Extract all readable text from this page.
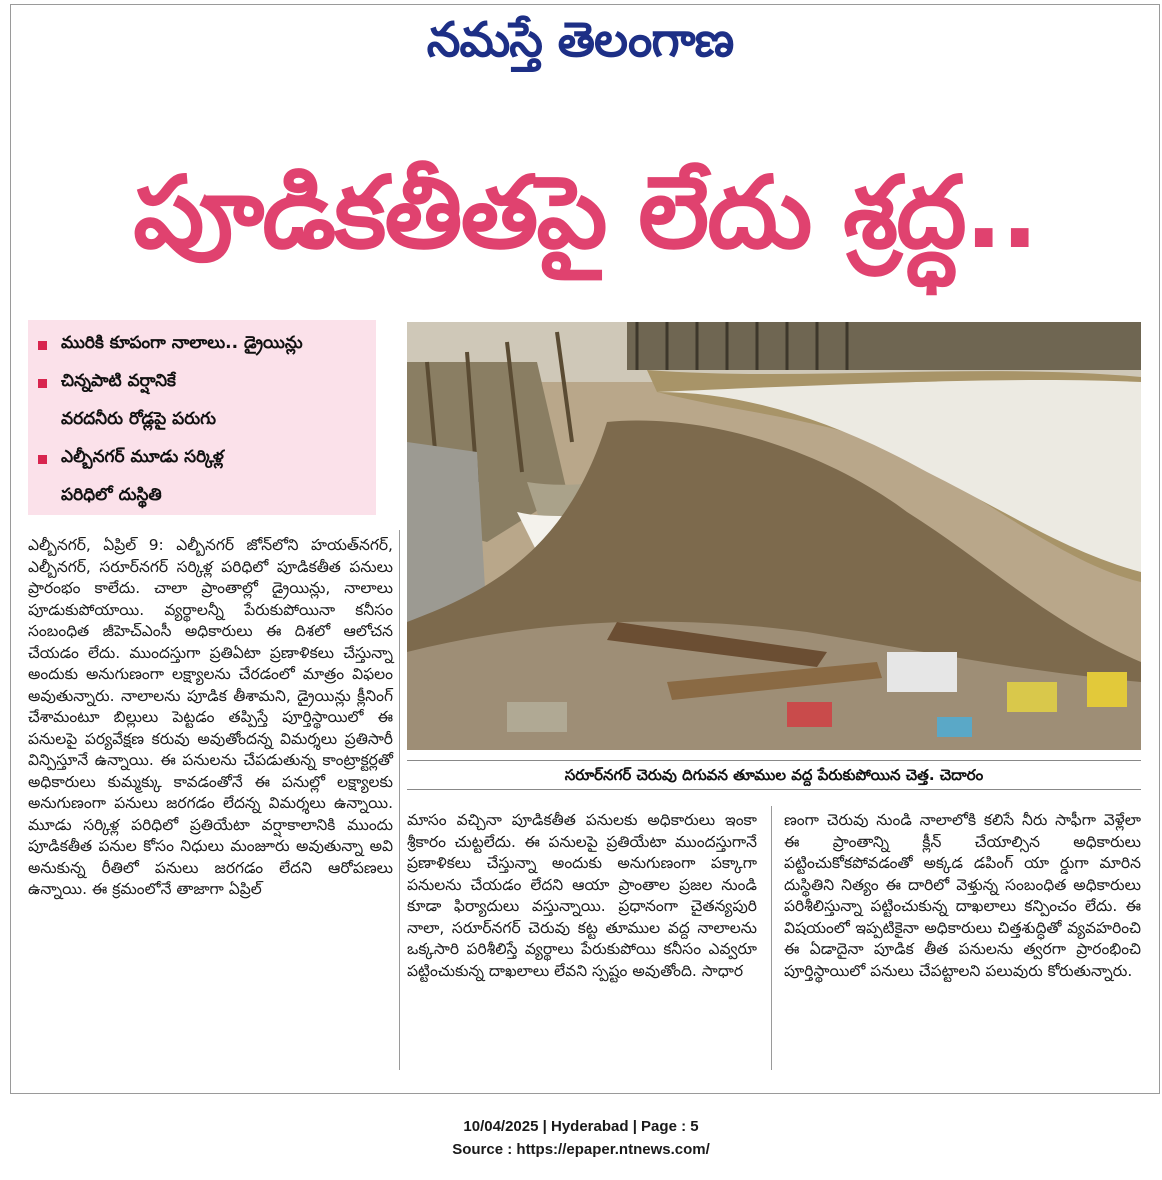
నమస్తే తెలంగాణ
పూడికతీతపై లేదు శ్రద్ధ..
మురికి కూపంగా నాలాలు.. డ్రైయిన్లు
చిన్నపాటి వర్షానికే
వరదనీరు రోడ్లపై పరుగు
ఎల్బీనగర్ మూడు సర్కిళ్ల
పరిధిలో దుస్థితి
సరూర్‌నగర్ చెరువు దిగువన తూముల వద్ద పేరుకుపోయిన చెత్త. చెదారం
ఎల్బీనగర్, ఏప్రిల్ 9: ఎల్బీనగర్ జోన్‌లోని హయత్‌నగర్, ఎల్బీనగర్, సరూర్‌నగర్ సర్కిళ్ల పరిధిలో పూడికతీత పనులు ప్రారంభం కాలేదు. చాలా ప్రాంతాల్లో డ్రైయిన్లు, నాలాలు పూడుకుపోయాయి. వ్యర్థాలన్నీ పేరుకుపోయినా కనీసం సంబంధిత జీహెచ్‌ఎంసీ అధికారులు ఈ దిశలో ఆలోచన చేయడం లేదు. ముందస్తుగా ప్రతిఏటా ప్రణాళికలు చేస్తున్నా అందుకు అనుగుణంగా లక్ష్యాలను చేరడంలో మాత్రం విఫలం అవుతున్నారు. నాలాలను పూడిక తీశామని, డ్రైయిన్లు క్లీనింగ్ చేశామంటూ బిల్లులు పెట్టడం తప్పిస్తే పూర్తిస్థాయిలో ఈ పనులపై పర్యవేక్షణ కరువు అవుతోందన్న విమర్శలు ప్రతిసారీ విన్పిస్తూనే ఉన్నాయి. ఈ పనులను చేపడుతున్న కాంట్రాక్టర్లతో అధికారులు కుమ్మక్కు కావడంతోనే ఈ పనుల్లో లక్ష్యాలకు అనుగుణంగా పనులు జరగడం లేదన్న విమర్శలు ఉన్నాయి. మూడు సర్కిళ్ల పరిధిలో ప్రతియేటా వర్షాకాలానికి ముందు పూడికతీత పనుల కోసం నిధులు మంజూరు అవుతున్నా అవి అనుకున్న రీతిలో పనులు జరగడం లేదని ఆరోపణలు ఉన్నాయి. ఈ క్రమంలోనే తాజాగా ఏప్రిల్
మాసం వచ్చినా పూడికతీత పనులకు అధికారులు ఇంకా శ్రీకారం చుట్టలేదు. ఈ పనులపై ప్రతియేటా ముందస్తుగానే ప్రణాళికలు చేస్తున్నా అందుకు అనుగుణంగా పక్కాగా పనులను చేయడం లేదని ఆయా ప్రాంతాల ప్రజల నుండి కూడా ఫిర్యాదులు వస్తున్నాయి. ప్రధానంగా చైతన్యపురి నాలా, సరూర్‌నగర్ చెరువు కట్ట తూముల వద్ద నాలాలను ఒక్కసారి పరిశీలిస్తే వ్యర్థాలు పేరుకుపోయి కనీసం ఎవ్వరూ పట్టించుకున్న దాఖలాలు లేవని స్పష్టం అవుతోంది. సాధార
ణంగా చెరువు నుండి నాలాలోకి కలిసే నీరు సాఫీగా వెళ్లేలా ఈ ప్రాంతాన్ని క్లీన్ చేయాల్సిన అధికారులు పట్టించుకోకపోవడంతో అక్కడ డపింగ్ యా ర్డుగా మారిన దుస్థితిని నిత్యం ఈ దారిలో వెళ్తున్న సంబంధిత అధికారులు పరిశీలిస్తున్నా పట్టించుకున్న దాఖలాలు కన్పించం లేదు. ఈ విషయంలో ఇప్పటికైనా అధికారులు చిత్తశుద్ధితో వ్యవహరించి ఈ ఏడాదైనా పూడిక తీత పనులను త్వరగా ప్రారంభించి పూర్తిస్థాయిలో పనులు చేపట్టాలని పలువురు కోరుతున్నారు.
10/04/2025 | Hyderabad | Page : 5
Source : https://epaper.ntnews.com/
